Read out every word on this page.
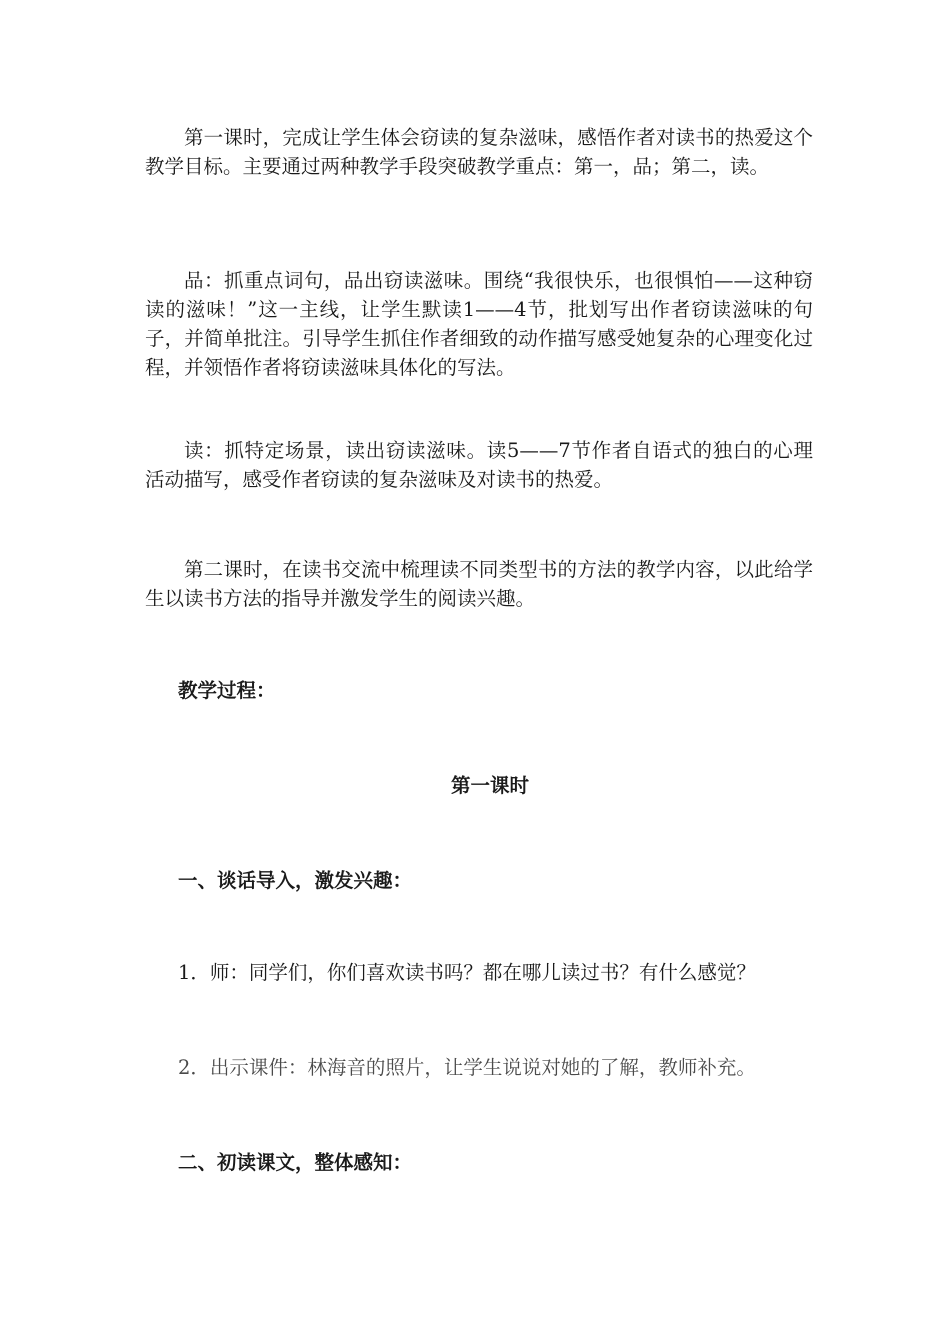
第一课时，完成让学生体会窃读的复杂滋味，感悟作者对读书的热爱这个教学目标。主要通过两种教学手段突破教学重点：第一，品；第二，读。

品：抓重点词句，品出窃读滋味。围绕“我很快乐，也很惧怕——这种窃读的滋味！”这一主线，让学生默读1——4节，批划写出作者窃读滋味的句子，并简单批注。引导学生抓住作者细致的动作描写感受她复杂的心理变化过程，并领悟作者将窃读滋味具体化的写法。

读：抓特定场景，读出窃读滋味。读5——7节作者自语式的独白的心理活动描写，感受作者窃读的复杂滋味及对读书的热爱。

第二课时，在读书交流中梳理读不同类型书的方法的教学内容，以此给学生以读书方法的指导并激发学生的阅读兴趣。

教学过程：

第一课时

一、谈话导入，激发兴趣：

1．师：同学们，你们喜欢读书吗？都在哪儿读过书？有什么感觉？

2．出示课件：林海音的照片，让学生说说对她的了解，教师补充。

二、初读课文，整体感知：
